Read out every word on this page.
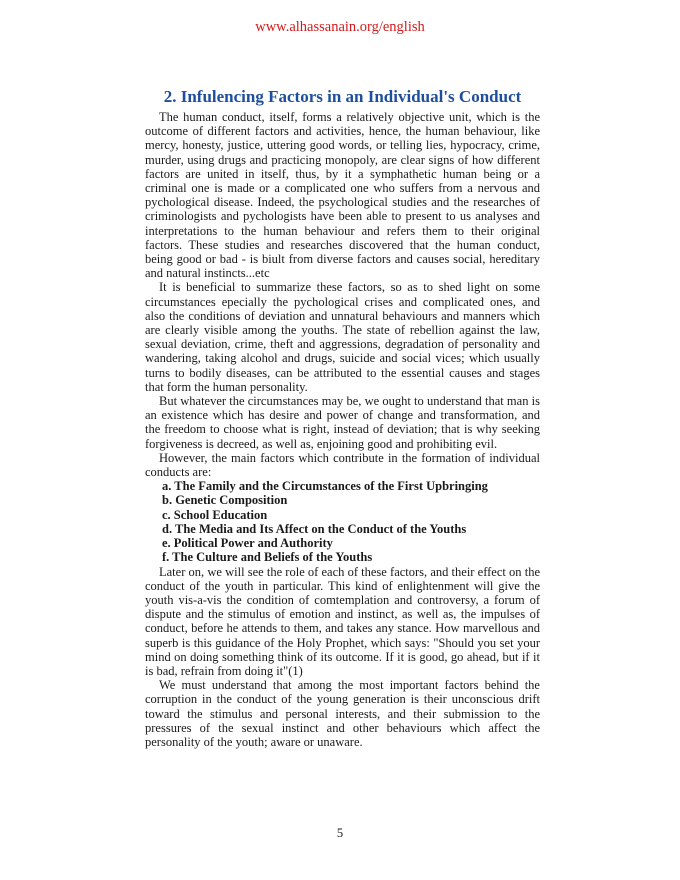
www.alhassanain.org/english
2. Infulencing Factors in an Individual's Conduct

The human conduct, itself, forms a relatively objective unit, which is the outcome of different factors and activities, hence, the human behaviour, like mercy, honesty, justice, uttering good words, or telling lies, hypocracy, crime, murder, using drugs and practicing monopoly, are clear signs of how different factors are united in itself, thus, by it a symphathetic human being or a criminal one is made or a complicated one who suffers from a nervous and pychological disease. Indeed, the psychological studies and the researches of criminologists and pychologists have been able to present to us analyses and interpretations to the human behaviour and refers them to their original factors. These studies and researches discovered that the human conduct, being good or bad - is biult from diverse factors and causes social, hereditary and natural instincts...etc

It is beneficial to summarize these factors, so as to shed light on some circumstances epecially the pychological crises and complicated ones, and also the conditions of deviation and unnatural behaviours and manners which are clearly visible among the youths. The state of rebellion against the law, sexual deviation, crime, theft and aggressions, degradation of personality and wandering, taking alcohol and drugs, suicide and social vices; which usually turns to bodily diseases, can be attributed to the essential causes and stages that form the human personality.

But whatever the circumstances may be, we ought to understand that man is an existence which has desire and power of change and transformation, and the freedom to choose what is right, instead of deviation; that is why seeking forgiveness is decreed, as well as, enjoining good and prohibiting evil.

However, the main factors which contribute in the formation of individual conducts are:

a. The Family and the Circumstances of the First Upbringing

b. Genetic Composition

c. School Education

d. The Media and Its Affect on the Conduct of the Youths

e. Political Power and Authority

f. The Culture and Beliefs of the Youths

Later on, we will see the role of each of these factors, and their effect on the conduct of the youth in particular. This kind of enlightenment will give the youth vis-a-vis the condition of comtemplation and controversy, a forum of dispute and the stimulus of emotion and instinct, as well as, the impulses of conduct, before he attends to them, and takes any stance. How marvellous and superb is this guidance of the Holy Prophet, which says: "Should you set your mind on doing something think of its outcome. If it is good, go ahead, but if it is bad, refrain from doing it"(1)

We must understand that among the most important factors behind the corruption in the conduct of the young generation is their unconscious drift toward the stimulus and personal interests, and their submission to the pressures of the sexual instinct and other behaviours which affect the personality of the youth; aware or unaware.

5
